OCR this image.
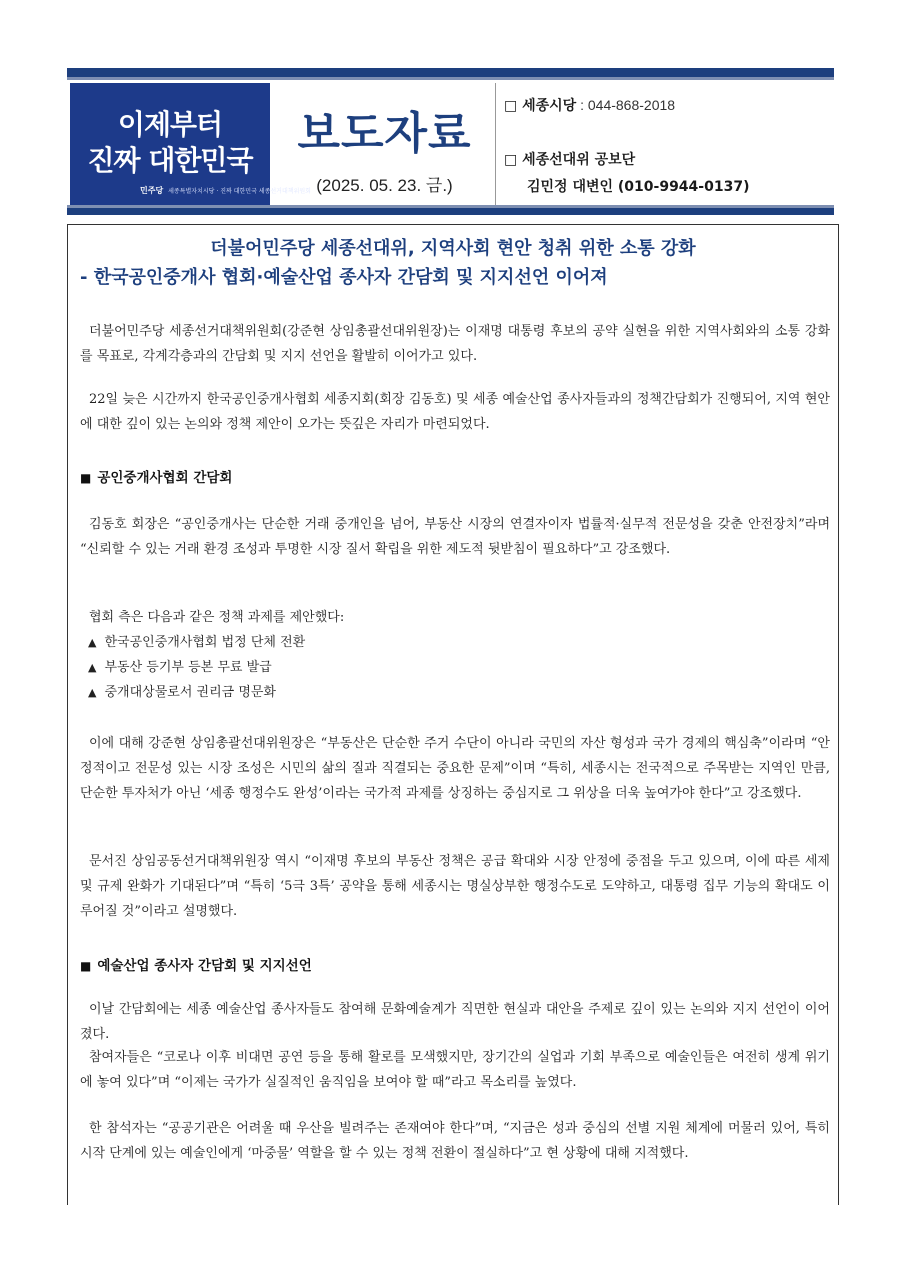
이제부터
진짜 대한민국
민주당 세종특별자치시당 · 진짜 대한민국 세종선거대책위원회
보도자료
(2025. 05. 23. 금.)
□ 세종시당 : 044-868-2018
□ 세종선대위 공보단
김민정 대변인 (010-9944-0137)
더불어민주당 세종선대위, 지역사회 현안 청취 위한 소통 강화
- 한국공인중개사 협회·예술산업 종사자 간담회 및 지지선언 이어져
더불어민주당 세종선거대책위원회(강준현 상임총괄선대위원장)는 이재명 대통령 후보의 공약 실현을 위한 지역사회와의 소통 강화를 목표로, 각계각층과의 간담회 및 지지 선언을 활발히 이어가고 있다.
22일 늦은 시간까지 한국공인중개사협회 세종지회(회장 김동호) 및 세종 예술산업 종사자들과의 정책간담회가 진행되어, 지역 현안에 대한 깊이 있는 논의와 정책 제안이 오가는 뜻깊은 자리가 마련되었다.
■ 공인중개사협회 간담회
김동호 회장은 “공인중개사는 단순한 거래 중개인을 넘어, 부동산 시장의 연결자이자 법률적·실무적 전문성을 갖춘 안전장치”라며 “신뢰할 수 있는 거래 환경 조성과 투명한 시장 질서 확립을 위한 제도적 뒷받침이 필요하다”고 강조했다.
협회 측은 다음과 같은 정책 과제를 제안했다:
▲ 한국공인중개사협회 법정 단체 전환
▲ 부동산 등기부 등본 무료 발급
▲ 중개대상물로서 권리금 명문화
이에 대해 강준현 상임총괄선대위원장은 “부동산은 단순한 주거 수단이 아니라 국민의 자산 형성과 국가 경제의 핵심축”이라며 “안정적이고 전문성 있는 시장 조성은 시민의 삶의 질과 직결되는 중요한 문제”이며 “특히, 세종시는 전국적으로 주목받는 지역인 만큼, 단순한 투자처가 아닌 ‘세종 행정수도 완성’이라는 국가적 과제를 상징하는 중심지로 그 위상을 더욱 높여가야 한다”고 강조했다.
문서진 상임공동선거대책위원장 역시 “이재명 후보의 부동산 정책은 공급 확대와 시장 안정에 중점을 두고 있으며, 이에 따른 세제 및 규제 완화가 기대된다”며 “특히 ‘5극 3특’ 공약을 통해 세종시는 명실상부한 행정수도로 도약하고, 대통령 집무 기능의 확대도 이루어질 것”이라고 설명했다.
■ 예술산업 종사자 간담회 및 지지선언
이날 간담회에는 세종 예술산업 종사자들도 참여해 문화예술계가 직면한 현실과 대안을 주제로 깊이 있는 논의와 지지 선언이 이어졌다.
참여자들은 “코로나 이후 비대면 공연 등을 통해 활로를 모색했지만, 장기간의 실업과 기회 부족으로 예술인들은 여전히 생계 위기에 놓여 있다”며 “이제는 국가가 실질적인 움직임을 보여야 할 때”라고 목소리를 높였다.
한 참석자는 “공공기관은 어려울 때 우산을 빌려주는 존재여야 한다”며, “지금은 성과 중심의 선별 지원 체계에 머물러 있어, 특히 시작 단계에 있는 예술인에게 ‘마중물’ 역할을 할 수 있는 정책 전환이 절실하다”고 현 상황에 대해 지적했다.
